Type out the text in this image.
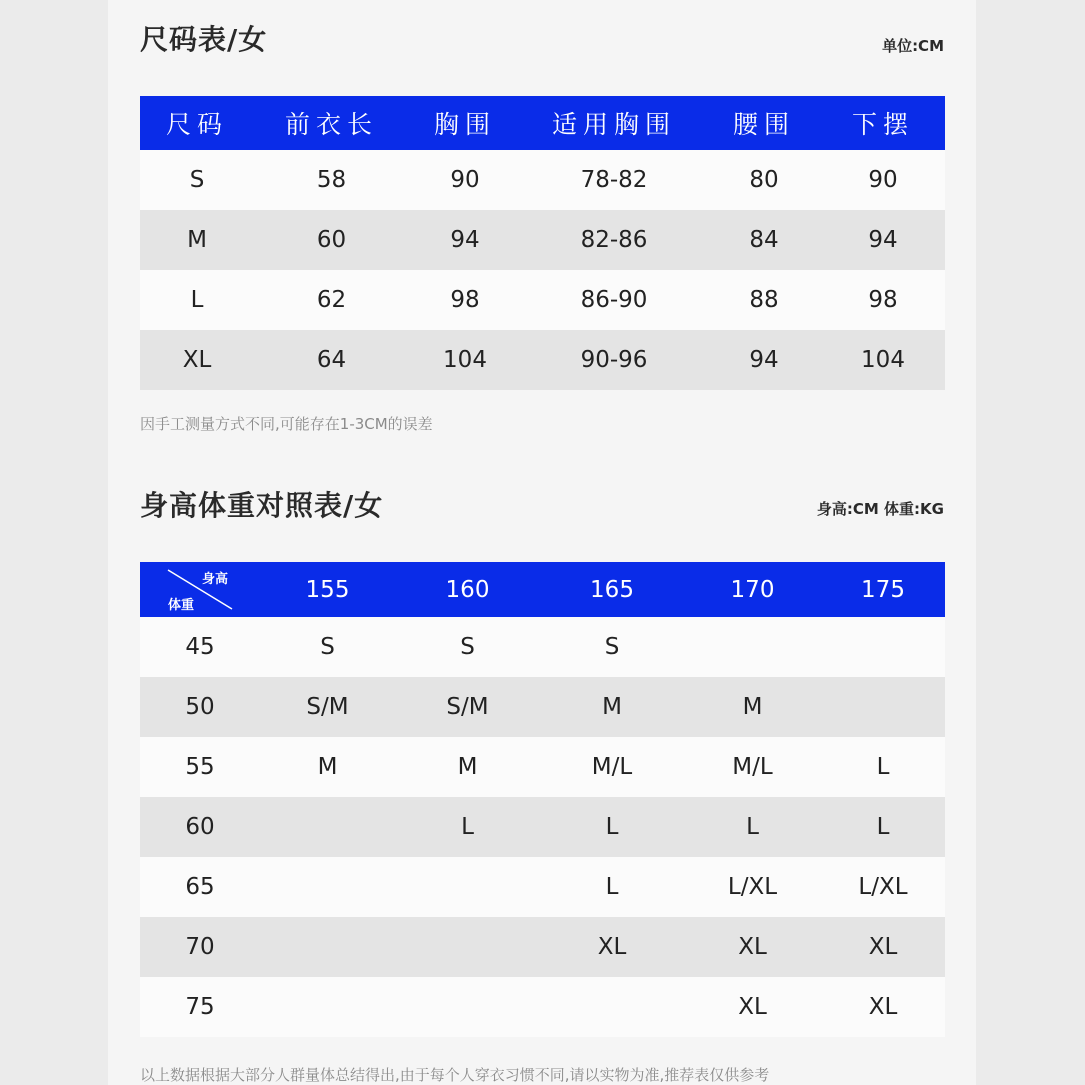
尺码表/女	单位:CM
尺码	前衣长	胸围	适用胸围	腰围	下摆
S	58	90	78-82	80	90
M	60	94	82-86	84	94
L	62	98	86-90	88	98
XL	64	104	90-96	94	104
因手工测量方式不同,可能存在1-3CM的误差
身高体重对照表/女	身高:CM 体重:KG
身高
体重	155	160	165	170	175
45	S	S	S		
50	S/M	S/M	M	M	
55	M	M	M/L	M/L	L
60		L	L	L	L
65			L	L/XL	L/XL
70			XL	XL	XL
75				XL	XL
以上数据根据大部分人群量体总结得出,由于每个人穿衣习惯不同,请以实物为准,推荐表仅供参考
